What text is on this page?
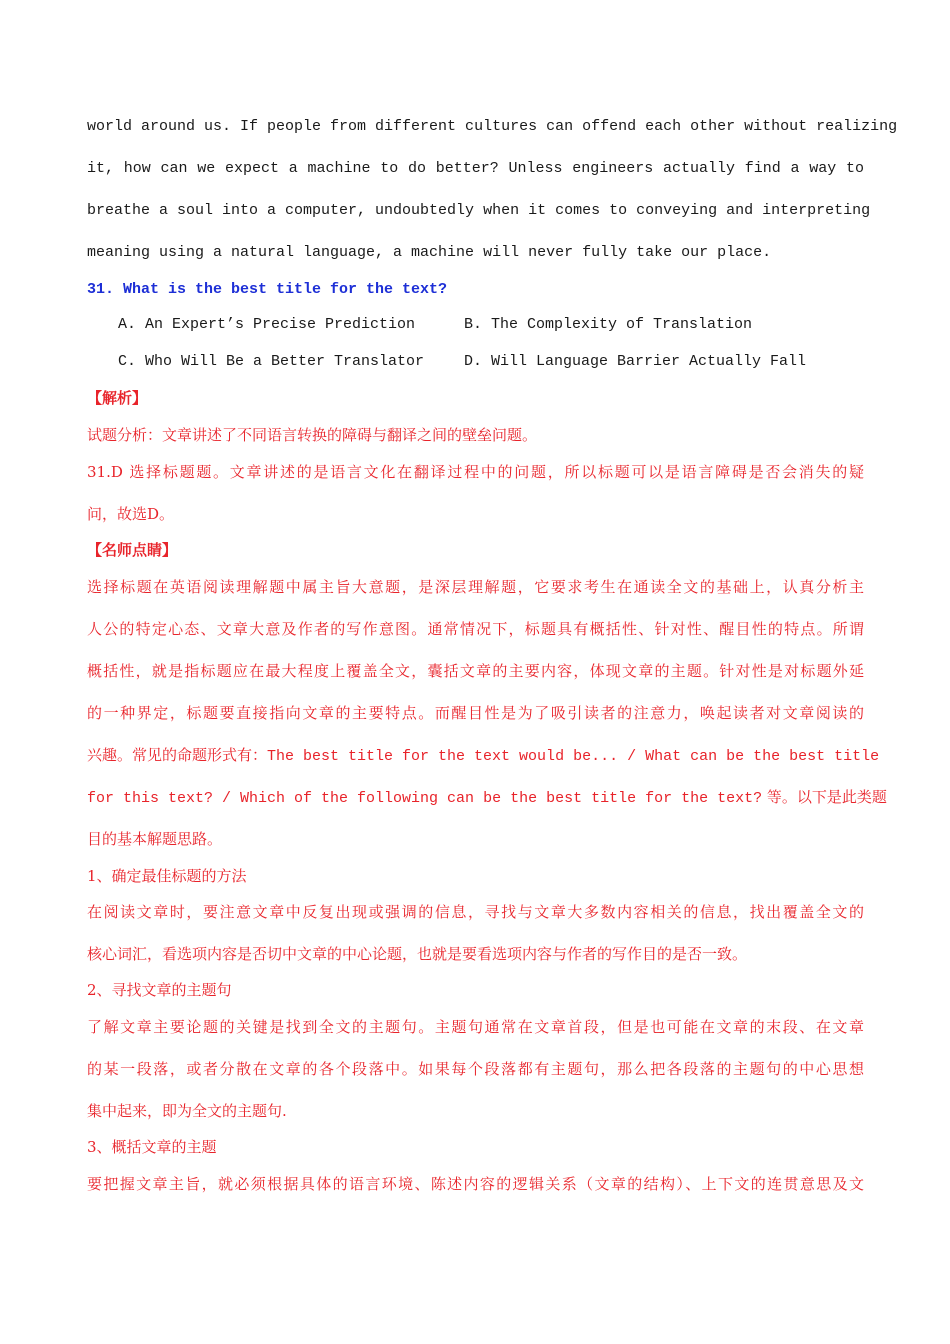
world around us. If people from different cultures can offend each other without realizing
it, how can we expect a machine to do better? Unless engineers actually find a way to
breathe a soul into a computer, undoubtedly when it comes to conveying and interpreting
meaning using a natural language, a machine will never fully take our place.
31. What is the best title for the text?
A. An Expert’s Precise Prediction	B. The Complexity of Translation
C. Who Will Be a Better Translator	D. Will Language Barrier Actually Fall
【解析】
试题分析：文章讲述了不同语言转换的障碍与翻译之间的壁垒问题。
31.D 选择标题题。文章讲述的是语言文化在翻译过程中的问题，所以标题可以是语言障碍是否会消失的疑
问，故选D。
【名师点睛】
选择标题在英语阅读理解题中属主旨大意题，是深层理解题，它要求考生在通读全文的基础上，认真分析主
人公的特定心态、文章大意及作者的写作意图。通常情况下，标题具有概括性、针对性、醒目性的特点。所谓
概括性，就是指标题应在最大程度上覆盖全文，囊括文章的主要内容，体现文章的主题。针对性是对标题外延
的一种界定，标题要直接指向文章的主要特点。而醒目性是为了吸引读者的注意力，唤起读者对文章阅读的
兴趣。常见的命题形式有：The best title for the text would be... / What can be the best title
for this text? / Which of the following can be the best title for the text? 等。以下是此类题
目的基本解题思路。
1、确定最佳标题的方法
在阅读文章时，要注意文章中反复出现或强调的信息，寻找与文章大多数内容相关的信息，找出覆盖全文的
核心词汇，看选项内容是否切中文章的中心论题，也就是要看选项内容与作者的写作目的是否一致。
2、寻找文章的主题句
了解文章主要论题的关键是找到全文的主题句。主题句通常在文章首段，但是也可能在文章的末段、在文章
的某一段落，或者分散在文章的各个段落中。如果每个段落都有主题句，那么把各段落的主题句的中心思想
集中起来，即为全文的主题句.
3、概括文章的主题
要把握文章主旨，就必须根据具体的语言环境、陈述内容的逻辑关系（文章的结构）、上下文的连贯意思及文
